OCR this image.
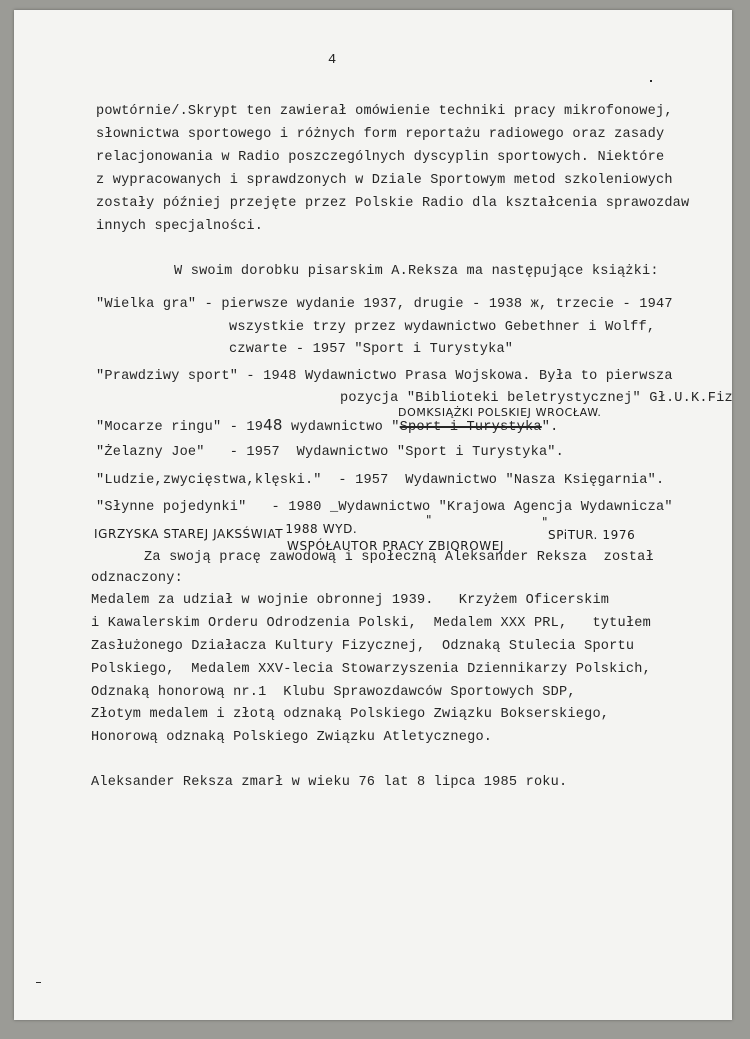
4
powtórnie/.Skrypt ten zawierał omówienie techniki pracy mikrofonowej,
słownictwa sportowego i różnych form reportażu radiowego oraz zasady
relacjonowania w Radio poszczególnych dyscyplin sportowych. Niektóre
z wypracowanych i sprawdzonych w Dziale Sportowym metod szkoleniowych
zostały później przejęte przez Polskie Radio dla kształcenia sprawozdaw
innych specjalności.
W swoim dorobku pisarskim A.Reksza ma następujące książki:
"Wielka gra" - pierwsze wydanie 1937, drugie - 1938 ж, trzecie - 1947
wszystkie trzy przez wydawnictwo Gebethner i Wolff,
czwarte - 1957 "Sport i Turystyka"
"Prawdziwy sport" - 1948 Wydawnictwo Prasa Wojskowa. Była to pierwsza
pozycja "Biblioteki beletrystycznej" Gł.U.K.Fiz
DOMKSIĄŻKI POLSKIEJ WROCŁAW.
"Mocarze ringu" - 1948 wydawnictwo "Sport i Turystyka".
"Żelazny Joe"   - 1957  Wydawnictwo "Sport i Turystyka".
"Ludzie,zwycięstwa,klęski."  - 1957  Wydawnictwo "Nasza Księgarnia".
"Słynne pojedynki"   - 1980 _Wydawnictwo "Krajowa Agencja Wydawnicza"
IGRZYSKA STAREJ JAKSŚWIAT
- 1988 WYD.
"	"
WSPÓŁAUTOR PRACY ZBIOROWEJ
SPiTUR. 1976
Za swoją pracę zawodową i społeczną Aleksander Reksza  został
odznaczony:
Medalem za udział w wojnie obronnej 1939.   Krzyżem Oficerskim
i Kawalerskim Orderu Odrodzenia Polski,  Medalem XXX PRL,   tytułem
Zasłużonego Działacza Kultury Fizycznej,  Odznaką Stulecia Sportu
Polskiego,  Medalem XXV-lecia Stowarzyszenia Dziennikarzy Polskich,
Odznaką honorową nr.1  Klubu Sprawozdawców Sportowych SDP,
Złotym medalem i złotą odznaką Polskiego Związku Bokserskiego,
Honorową odznaką Polskiego Związku Atletycznego.
Aleksander Reksza zmarł w wieku 76 lat 8 lipca 1985 roku.
